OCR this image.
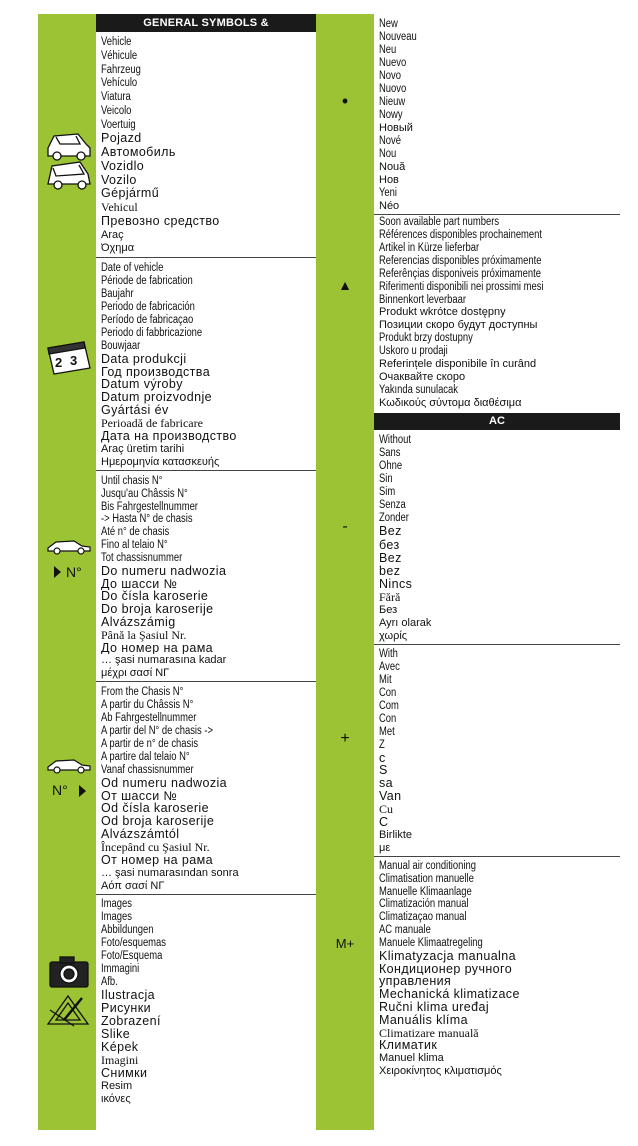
2 3
N°
N°
•
▲
-
+
M+
GENERAL SYMBOLS & ABBREVIATIONS
Vehicle
Véhicule
Fahrzeug
Vehículo
Viatura
Veicolo
Voertuig
Pojazd
Автомобиль
Vozidlo
Vozilo
Gépjármű
Vehicul
Превозно средство
Araç
Όχημα
Date of vehicle
Période de fabrication
Baujahr
Periodo de fabricación
Período de fabricaçao
Periodo di fabbricazione
Bouwjaar
Data produkcji
Год производства
Datum výroby
Datum proizvodnje
Gyártási év
Perioadă de fabricare
Дата на производство
Araç üretim tarihi
Ημερομηνία κατασκευής
Until chasis N°
Jusqu'au Châssis N°
Bis Fahrgestellnummer
-> Hasta N° de chasis
Até n° de chasis
Fino al telaio N°
Tot chassisnummer
Do numeru nadwozia
До шасси №
Do čísla karoserie
Do broja karoserije
Alvázszámig
Până la Şasiul Nr.
До номер на рама
… şasi numarasına kadar
μέχρι σασί ΝΓ
From the Chasis N°
A partir du Châssis N°
Ab Fahrgestellnummer
A partir del N° de chasis ->
A partir de n° de chasis
A partire dal telaio N°
Vanaf chassisnummer
Od numeru nadwozia
От шасси №
Od čísla karoserie
Od broja karoserije
Alvázszámtól
Începând cu Şasiul Nr.
От номер на рама
… şasi numarasından sonra
Αόπ σασί ΝΓ
Images
Images
Abbildungen
Foto/esquemas
Foto/Esquema
Immagini
Afb.
Ilustracja
Рисунки
Zobrazení
Slike
Képek
Imagini
Снимки
Resim
ικόνες
New
Nouveau
Neu
Nuevo
Novo
Nuovo
Nieuw
Nowy
Новый
Nové
Nou
Nouă
Нов
Yeni
Néo
Soon available part numbers
Références disponibles prochainement
Artikel in Kürze lieferbar
Referencias disponibles próximamente
Referênçias disponiveis próximamente
Riferimenti disponibili nei prossimi mesi
Binnenkort leverbaar
Produkt wkrótce dostępny
Позиции скоро будут доступны
Produkt brzy dostupny
Uskoro u prodaji
Referințele disponibile în curând
Очаквайте скоро
Yakında sunulacak
Κωδικούς σύντομα διαθέσιμα
AC
Without
Sans
Ohne
Sin
Sim
Senza
Zonder
Bez
без
Bez
bez
Nincs
Fără
Без
Ayrı olarak
χωρίς
With
Avec
Mit
Con
Com
Con
Met
Z
с
S
sa
Van
Cu
С
Birlikte
με
Manual air conditioning
Climatisation manuelle
Manuelle Klimaanlage
Climatización manual
Climatizaçao manual
AC manuale
Manuele Klimaatregeling
Klimatyzacja manualna
Кондиционер ручного
управления
Mechanická klimatizace
Ručni klima uređaj
Manuális klíma
Climatizare manuală
Климатик
Manuel klima
Χειροκίνητος κλιματισμός
